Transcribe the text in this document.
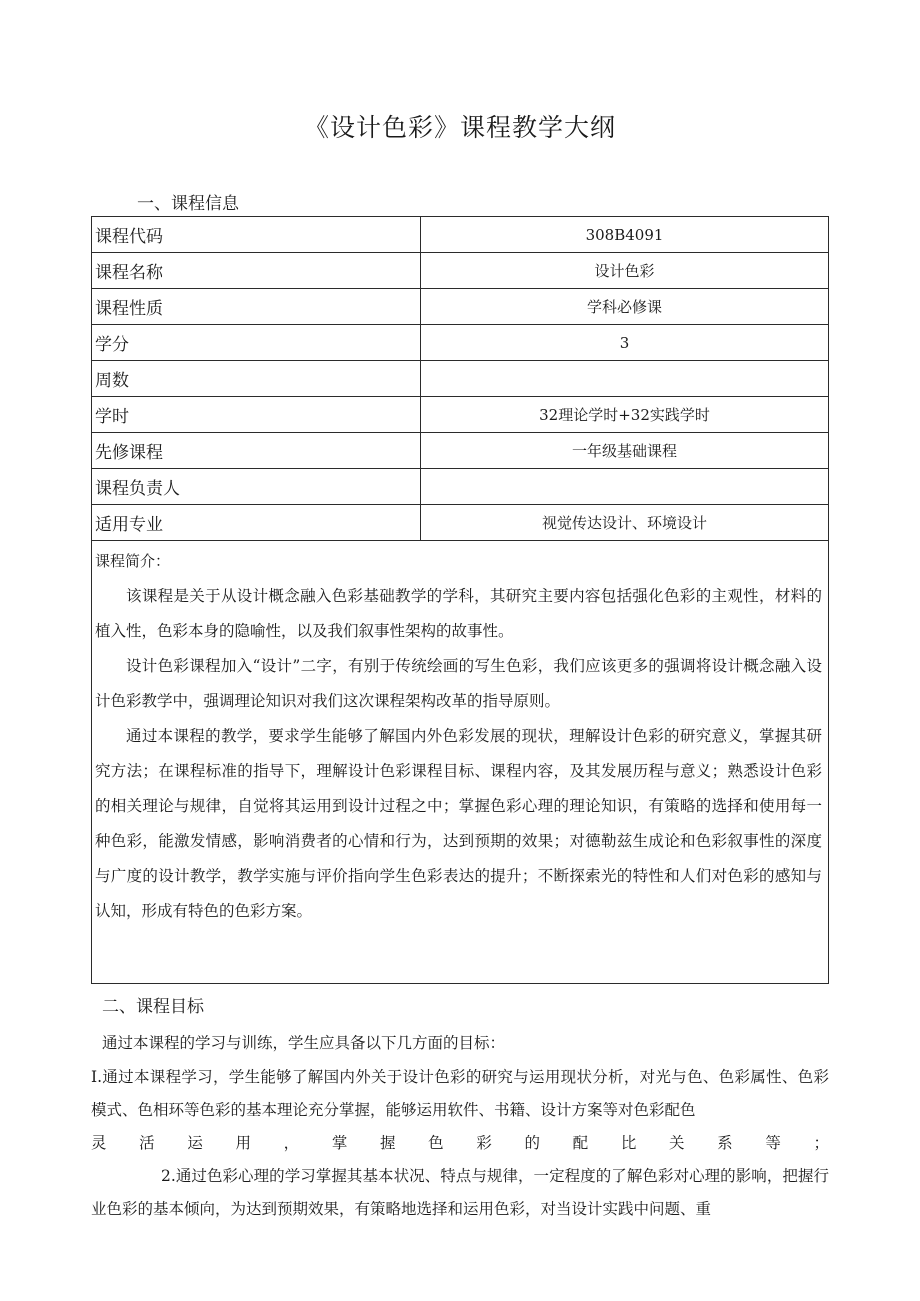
《设计色彩》课程教学大纲
一、课程信息
课程代码	308B4091
课程名称	设计色彩
课程性质	学科必修课
学分	3
周数	
学时	32理论学时+32实践学时
先修课程	一年级基础课程
课程负责人	
适用专业	视觉传达设计、环境设计

课程简介：

该课程是关于从设计概念融入色彩基础教学的学科，其研究主要内容包括强化色彩的主观性，材料的植入性，色彩本身的隐喻性，以及我们叙事性架构的故事性。

设计色彩课程加入“设计”二字，有别于传统绘画的写生色彩，我们应该更多的强调将设计概念融入设计色彩教学中，强调理论知识对我们这次课程架构改革的指导原则。

通过本课程的教学，要求学生能够了解国内外色彩发展的现状，理解设计色彩的研究意义，掌握其研究方法；在课程标准的指导下，理解设计色彩课程目标、课程内容，及其发展历程与意义；熟悉设计色彩的相关理论与规律，自觉将其运用到设计过程之中；掌握色彩心理的理论知识，有策略的选择和使用每一种色彩，能激发情感，影响消费者的心情和行为，达到预期的效果；对德勒兹生成论和色彩叙事性的深度与广度的设计教学，教学实施与评价指向学生色彩表达的提升；不断探索光的特性和人们对色彩的感知与认知，形成有特色的色彩方案。	

二、课程目标
通过本课程的学习与训练，学生应具备以下几方面的目标：

I.通过本课程学习，学生能够了解国内外关于设计色彩的研究与运用现状分析，对光与色、色彩属性、色彩模式、色相环等色彩的基本理论充分掌握，能够运用软件、书籍、设计方案等对色彩配色

灵活运用，掌握色彩的配比关系等；

2.通过色彩心理的学习掌握其基本状况、特点与规律，一定程度的了解色彩对心理的影响，把握行业色彩的基本倾向，为达到预期效果，有策略地选择和运用色彩，对当设计实践中问题、重
